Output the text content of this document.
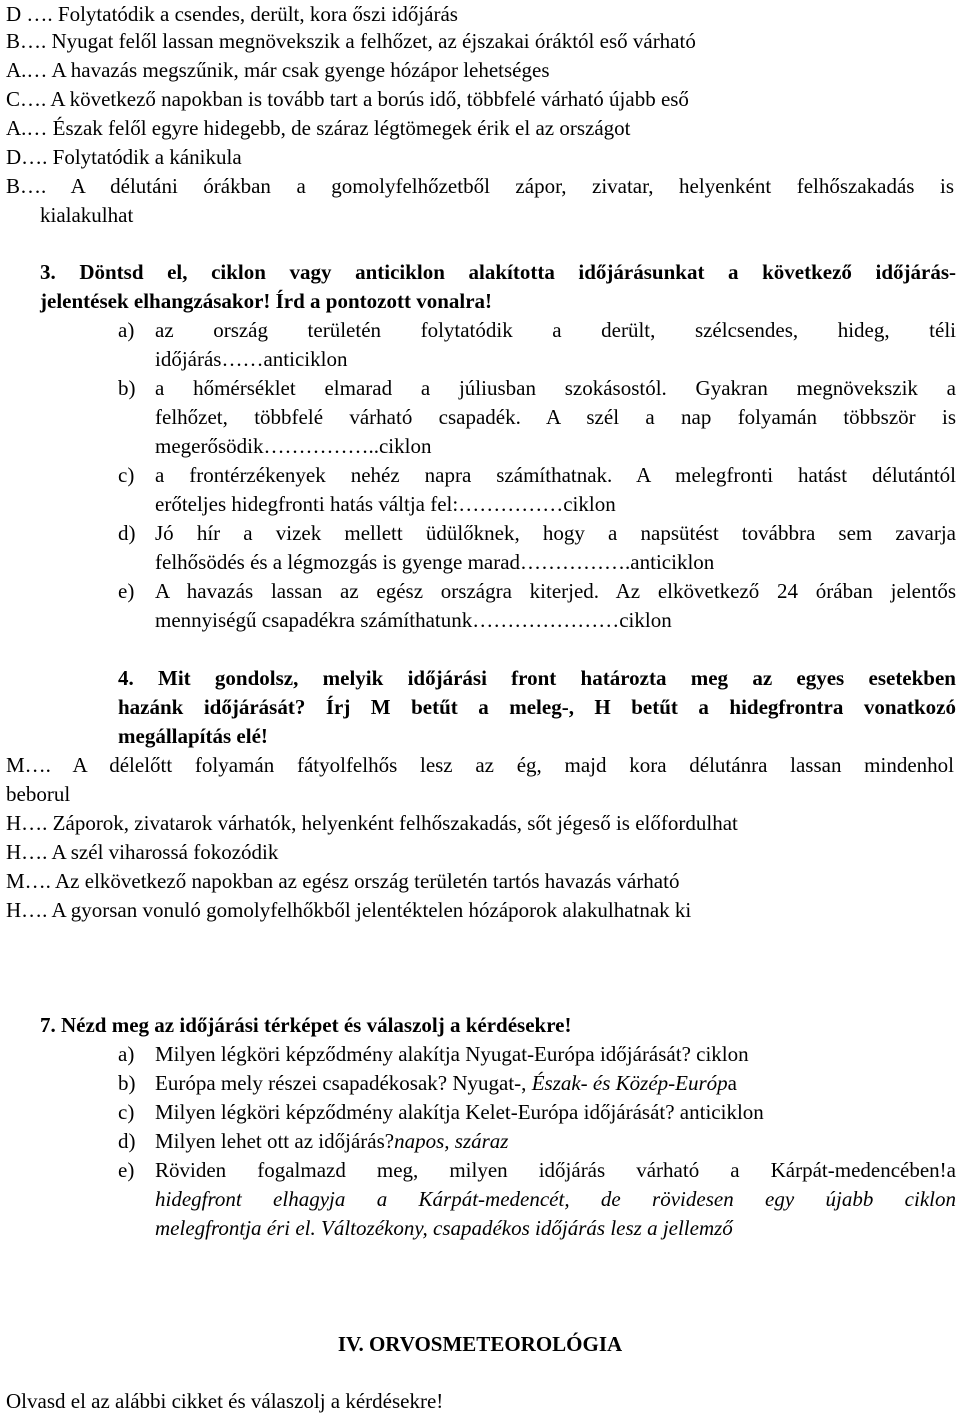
D …. Folytatódik a csendes, derült, kora őszi időjárás
B…. Nyugat felől lassan megnövekszik a felhőzet, az éjszakai óráktól eső várható
A.… A havazás megszűnik, már csak gyenge hózápor lehetséges
C…. A következő napokban is tovább tart a borús idő, többfelé várható újabb eső
A.… Észak felől egyre hidegebb, de száraz légtömegek érik el az országot
D…. Folytatódik a kánikula
B…. A délutáni órákban a gomolyfelhőzetből zápor, zivatar, helyenként felhőszakadás is
kialakulhat
3. Döntsd el, ciklon vagy anticiklon alakította időjárásunkat a következő időjárás-
jelentések elhangzásakor! Írd a pontozott vonalra!
a) az ország területén folytatódik a derült, szélcsendes, hideg, téli
időjárás……anticiklon
b) a hőmérséklet elmarad a júliusban szokásostól. Gyakran megnövekszik a
felhőzet, többfelé várható csapadék. A szél a nap folyamán többször is
megerősödik……………..ciklon
c) a frontérzékenyek nehéz napra számíthatnak. A melegfronti hatást délutántól
erőteljes hidegfronti hatás váltja fel:……………ciklon
d) Jó hír a vizek mellett üdülőknek, hogy a napsütést továbbra sem zavarja
felhősödés és a légmozgás is gyenge marad…………….anticiklon
e) A havazás lassan az egész országra kiterjed. Az elkövetkező 24 órában jelentős
mennyiségű csapadékra számíthatunk…………………ciklon
4. Mit gondolsz, melyik időjárási front határozta meg az egyes esetekben
hazánk időjárását? Írj M betűt a meleg-, H betűt a hidegfrontra vonatkozó
megállapítás elé!
M…. A délelőtt folyamán fátyolfelhős lesz az ég, majd kora délutánra lassan mindenhol
beborul
H…. Záporok, zivatarok várhatók, helyenként felhőszakadás, sőt jégeső is előfordulhat
H…. A szél viharossá fokozódik
M…. Az elkövetkező napokban az egész ország területén tartós havazás várható
H…. A gyorsan vonuló gomolyfelhőkből jelentéktelen hózáporok alakulhatnak ki
7. Nézd meg az időjárási térképet és válaszolj a kérdésekre!
a) Milyen légköri képződmény alakítja Nyugat-Európa időjárását? ciklon
b) Európa mely részei csapadékosak? Nyugat-, Észak- és Közép-Európa
c) Milyen légköri képződmény alakítja Kelet-Európa időjárását? anticiklon
d) Milyen lehet ott az időjárás?napos, száraz
e) Röviden fogalmazd meg, milyen időjárás várható a Kárpát-medencében!a
hidegfront elhagyja a Kárpát-medencét, de rövidesen egy újabb ciklon
melegfrontja éri el. Változékony, csapadékos időjárás lesz a jellemző
IV. ORVOSMETEOROLÓGIA
Olvasd el az alábbi cikket és válaszolj a kérdésekre!
